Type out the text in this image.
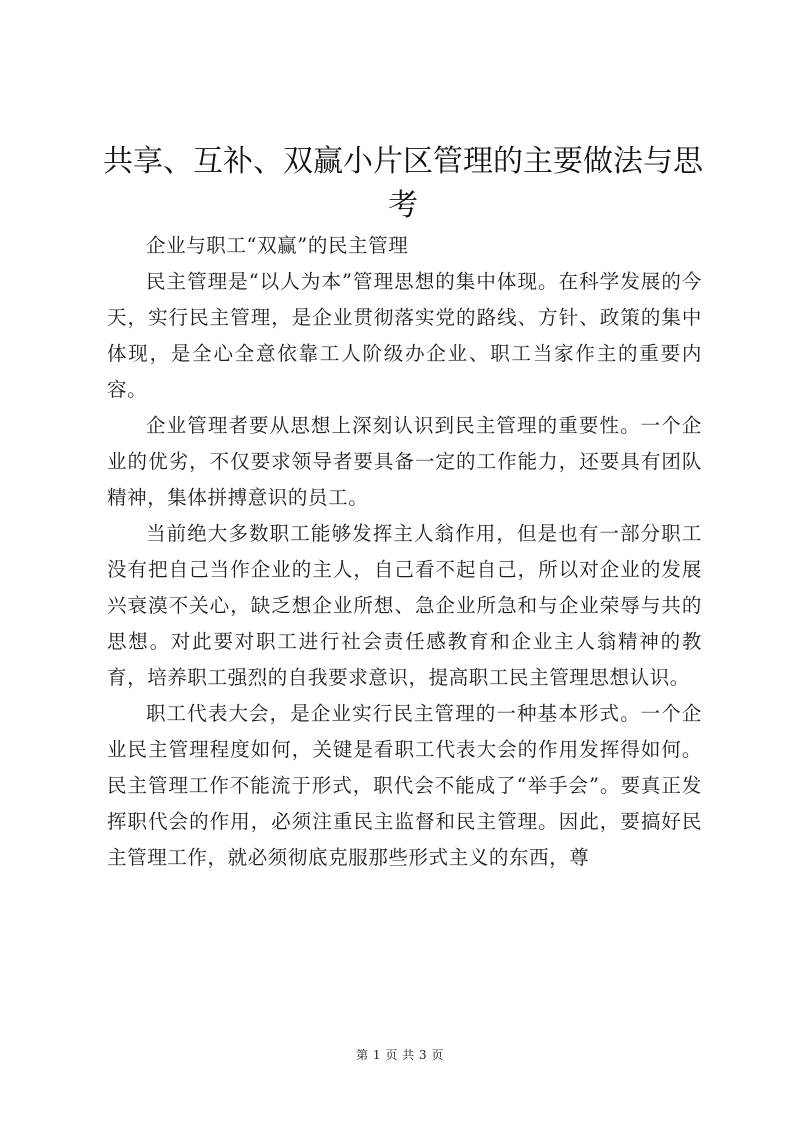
共享、互补、双赢小片区管理的主要做法与思考

企业与职工“双赢”的民主管理

民主管理是“以人为本”管理思想的集中体现。在科学发展的今天，实行民主管理，是企业贯彻落实党的路线、方针、政策的集中体现，是全心全意依靠工人阶级办企业、职工当家作主的重要内容。

企业管理者要从思想上深刻认识到民主管理的重要性。一个企业的优劣，不仅要求领导者要具备一定的工作能力，还要具有团队精神，集体拼搏意识的员工。

当前绝大多数职工能够发挥主人翁作用，但是也有一部分职工没有把自己当作企业的主人，自己看不起自己，所以对企业的发展兴衰漠不关心，缺乏想企业所想、急企业所急和与企业荣辱与共的思想。对此要对职工进行社会责任感教育和企业主人翁精神的教育，培养职工强烈的自我要求意识，提高职工民主管理思想认识。

职工代表大会，是企业实行民主管理的一种基本形式。一个企业民主管理程度如何，关键是看职工代表大会的作用发挥得如何。民主管理工作不能流于形式，职代会不能成了“举手会”。要真正发挥职代会的作用，必须注重民主监督和民主管理。因此，要搞好民主管理工作，就必须彻底克服那些形式主义的东西，尊

第 1 页 共 3 页
